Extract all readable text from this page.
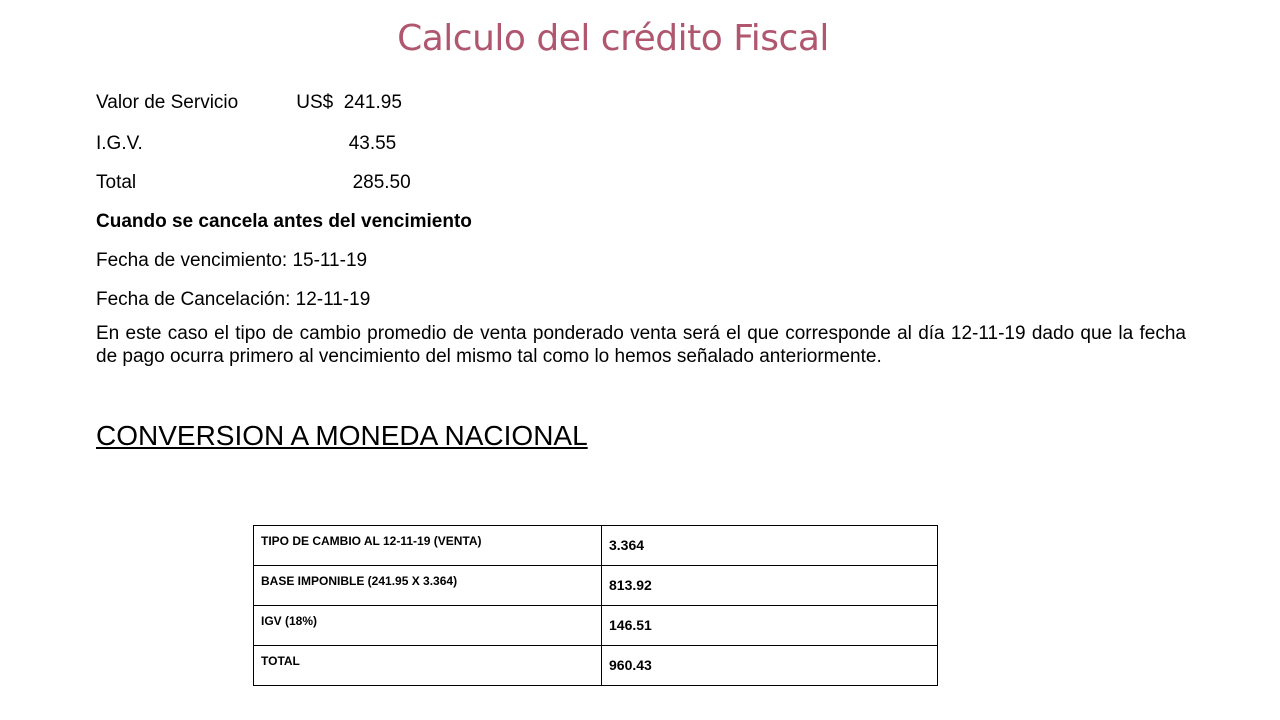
Calculo del crédito Fiscal
Valor de Servicio           US$  241.95
I.G.V.                                       43.55
Total                                         285.50
Cuando se cancela antes del vencimiento
Fecha de vencimiento: 15-11-19
Fecha de Cancelación: 12-11-19
En este caso el tipo de cambio promedio de venta ponderado venta será el que corresponde al día 12-11-19 dado que la fecha de pago ocurra primero al vencimiento del mismo tal como lo hemos señalado anteriormente.
CONVERSION A MONEDA NACIONAL
TIPO DE CAMBIO AL 12-11-19 (VENTA)	3.364
BASE IMPONIBLE (241.95 X 3.364)	813.92
IGV (18%)	146.51
TOTAL	960.43
